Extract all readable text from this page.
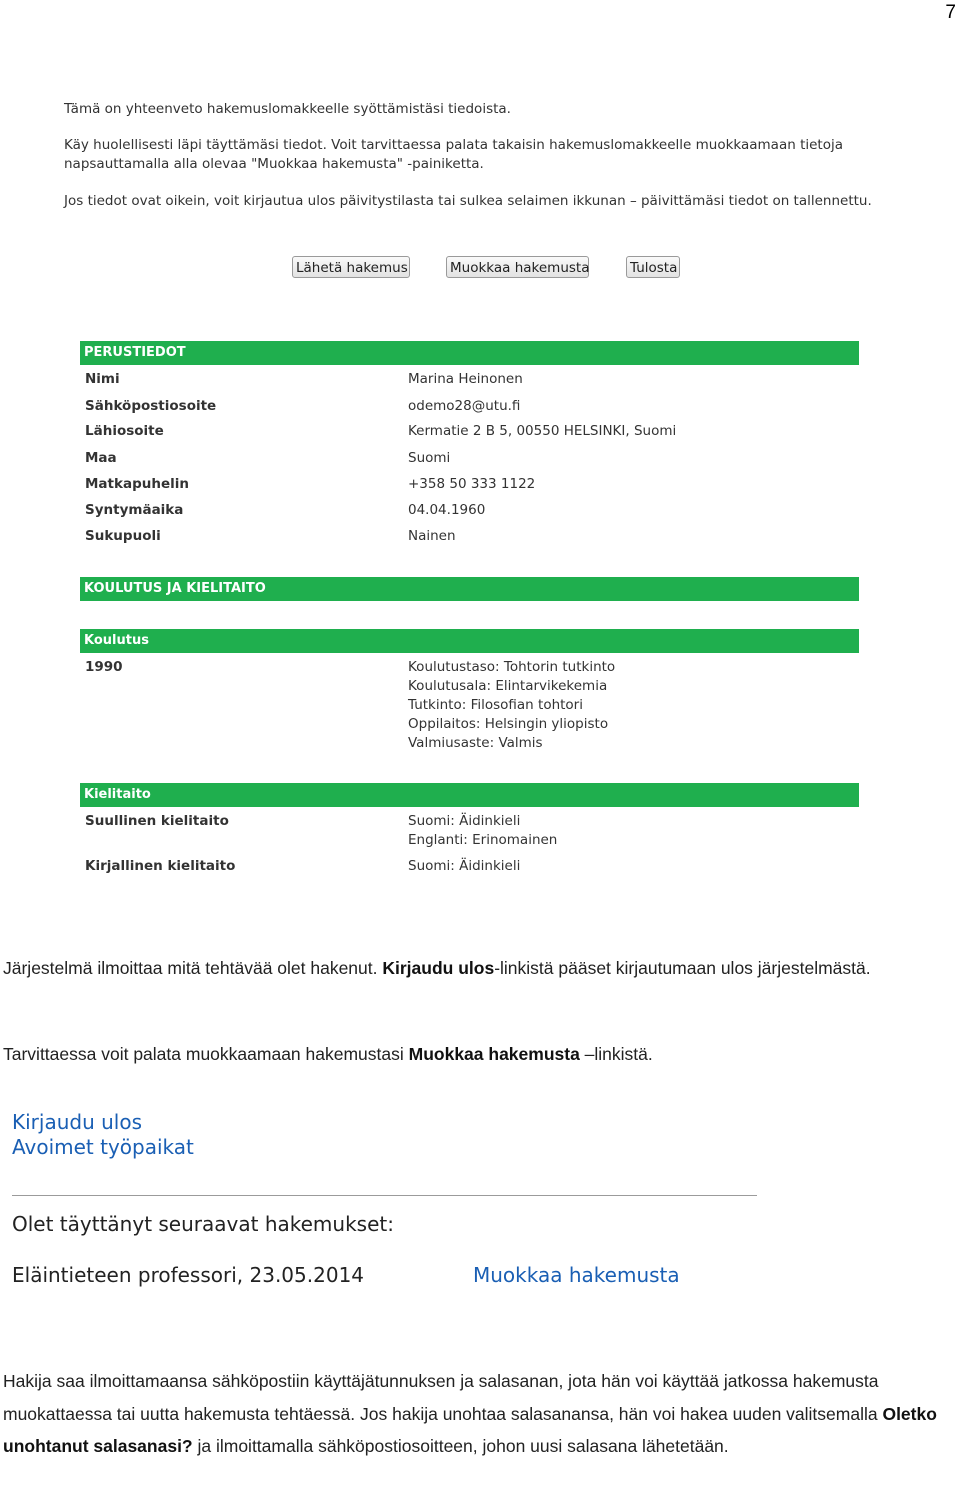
7

Tämä on yhteenveto hakemuslomakkeelle syöttämistäsi tiedoista.

Käy huolellisesti läpi täyttämäsi tiedot. Voit tarvittaessa palata takaisin hakemuslomakkeelle muokkaamaan tietoja napsauttamalla alla olevaa "Muokkaa hakemusta" -painiketta.

Jos tiedot ovat oikein, voit kirjautua ulos päivitystilasta tai sulkea selaimen ikkunan – päivittämäsi tiedot on tallennettu.

Lähetä hakemus	Muokkaa hakemusta	Tulosta
PERUSTIEDOT
Nimi	Marina Heinonen
Sähköpostiosoite	odemo28@utu.fi
Lähiosoite	Kermatie 2 B 5, 00550 HELSINKI, Suomi
Maa	Suomi
Matkapuhelin	+358 50 333 1122
Syntymäaika	04.04.1960
Sukupuoli	Nainen
KOULUTUS JA KIELITAITO
Koulutus
1990	Koulutustaso: Tohtorin tutkinto
Koulutusala: Elintarvikekemia
Tutkinto: Filosofian tohtori
Oppilaitos: Helsingin yliopisto
Valmiusaste: Valmis
Kielitaito
Suullinen kielitaito	Suomi: Äidinkieli
Englanti: Erinomainen
Kirjallinen kielitaito	Suomi: Äidinkieli
Järjestelmä ilmoittaa mitä tehtävää olet hakenut. Kirjaudu ulos-linkistä pääset kirjautumaan ulos järjestelmästä.
Tarvittaessa voit palata muokkaamaan hakemustasi Muokkaa hakemusta –linkistä.
Kirjaudu ulos
Avoimet työpaikat
Olet täyttänyt seuraavat hakemukset:
Eläintieteen professori, 23.05.2014	Muokkaa hakemusta
Hakija saa ilmoittamaansa sähköpostiin käyttäjätunnuksen ja salasanan, jota hän voi käyttää jatkossa hakemusta muokattaessa tai uutta hakemusta tehtäessä. Jos hakija unohtaa salasanansa, hän voi hakea uuden valitsemalla Oletko unohtanut salasanasi? ja ilmoittamalla sähköpostiosoitteen, johon uusi salasana lähetetään.
